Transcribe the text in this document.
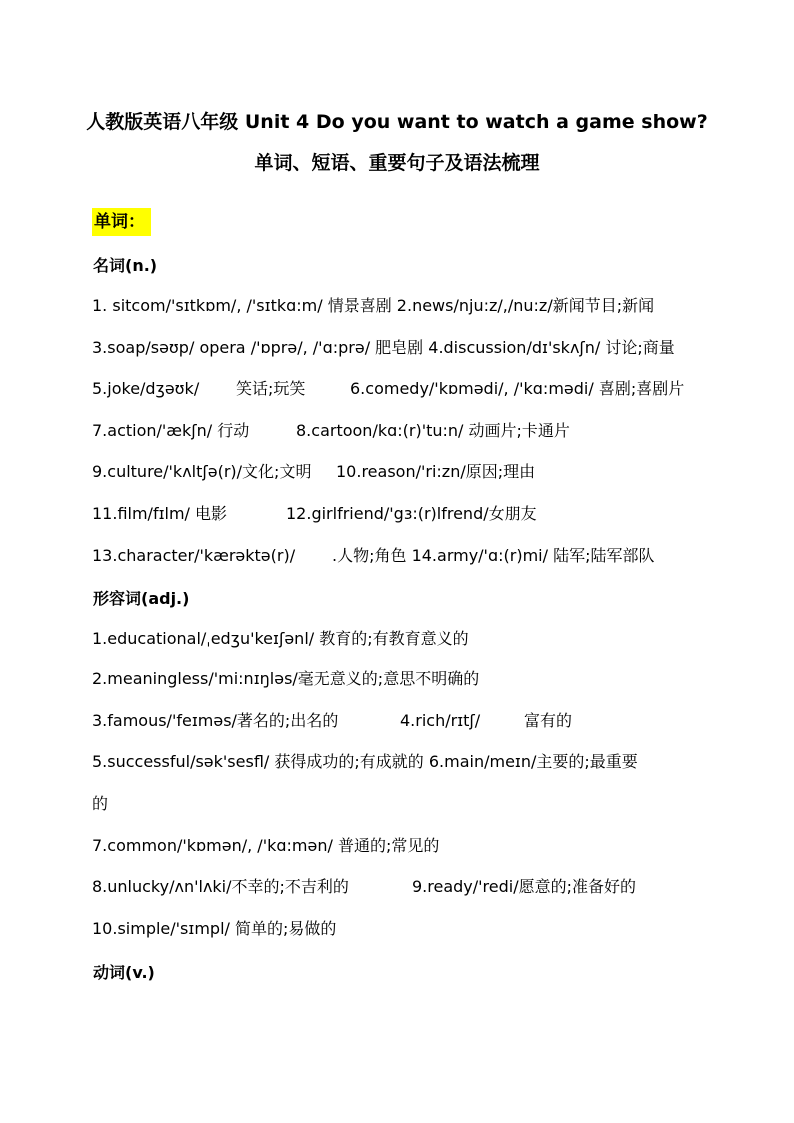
人教版英语八年级 Unit 4 Do you want to watch a game show?
单词、短语、重要句子及语法梳理
单词：
名词(n.)
1. sitcom/'sɪtkɒm/, /'sɪtkɑ:m/ 情景喜剧 2.news/nju:z/,/nu:z/新闻节目;新闻
3.soap/səʊp/ opera /'ɒprə/, /'ɑ:prə/ 肥皂剧 4.discussion/dɪ'skʌʃn/ 讨论;商量
5.joke/dʒəʊk/ 笑话;玩笑	6.comedy/'kɒmədi/, /'kɑ:mədi/ 喜剧;喜剧片
7.action/'ækʃn/ 行动	8.cartoon/kɑ:(r)'tu:n/ 动画片;卡通片
9.culture/'kʌltʃə(r)/文化;文明 10.reason/'ri:zn/原因;理由
11.film/fɪlm/ 电影	12.girlfriend/'gɜ:(r)lfrend/女朋友
13.character/'kærəktə(r)/ .人物;角色 14.army/'ɑ:(r)mi/ 陆军;陆军部队
形容词(adj.)
1.educational/ˌedʒu'keɪʃənl/ 教育的;有教育意义的
2.meaningless/'mi:nɪŋləs/毫无意义的;意思不明确的
3.famous/'feɪməs/著名的;出名的	4.rich/rɪtʃ/	富有的
5.successful/sək'sesfl/ 获得成功的;有成就的 6.main/meɪn/主要的;最重要
的
7.common/'kɒmən/, /'kɑ:mən/ 普通的;常见的
8.unlucky/ʌn'lʌki/不幸的;不吉利的	9.ready/'redi/愿意的;准备好的
10.simple/'sɪmpl/ 简单的;易做的
动词(v.)
